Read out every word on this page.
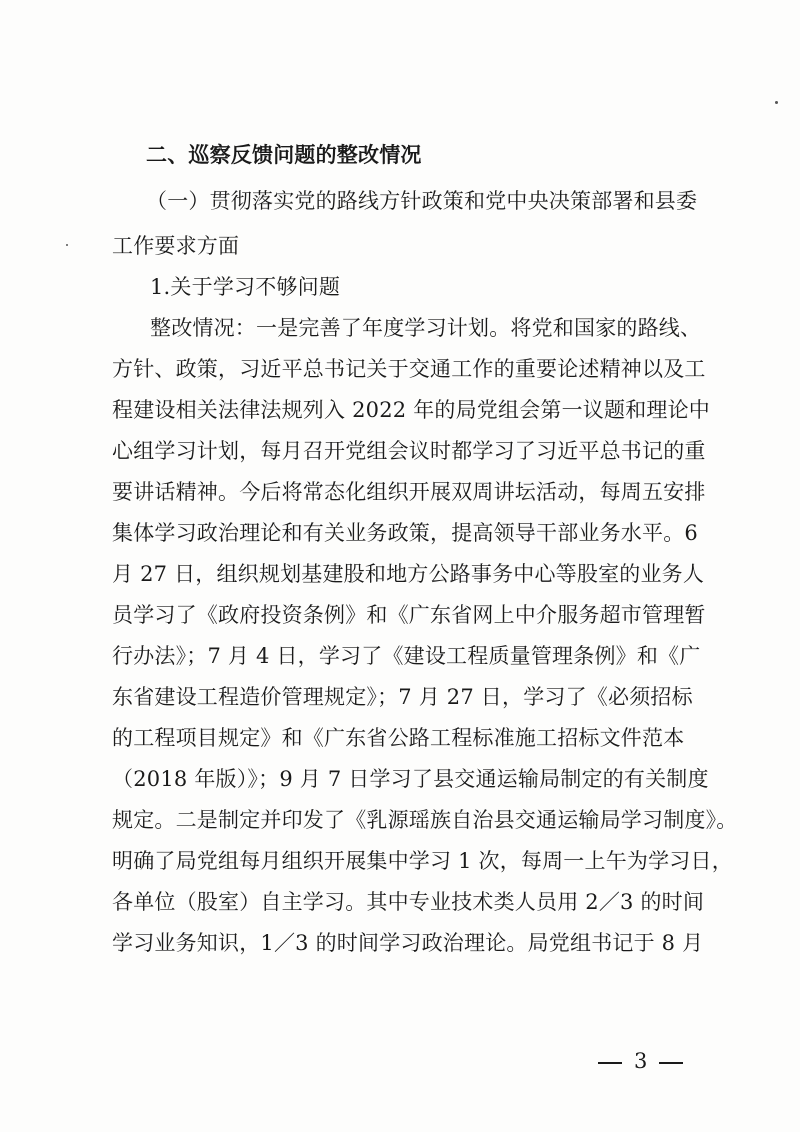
二、巡察反馈问题的整改情况
（一）贯彻落实党的路线方针政策和党中央决策部署和县委
工作要求方面
1.关于学习不够问题
整改情况：一是完善了年度学习计划。将党和国家的路线、
方针、政策，习近平总书记关于交通工作的重要论述精神以及工
程建设相关法律法规列入 2022 年的局党组会第一议题和理论中
心组学习计划，每月召开党组会议时都学习了习近平总书记的重
要讲话精神。今后将常态化组织开展双周讲坛活动，每周五安排
集体学习政治理论和有关业务政策，提高领导干部业务水平。6
月 27 日，组织规划基建股和地方公路事务中心等股室的业务人
员学习了《政府投资条例》和《广东省网上中介服务超市管理暂
行办法》；7 月 4 日，学习了《建设工程质量管理条例》和《广
东省建设工程造价管理规定》；7 月 27 日，学习了《必须招标
的工程项目规定》和《广东省公路工程标准施工招标文件范本
（2018 年版）》；9 月 7 日学习了县交通运输局制定的有关制度
规定。二是制定并印发了《乳源瑶族自治县交通运输局学习制度》。
明确了局党组每月组织开展集中学习 1 次，每周一上午为学习日，
各单位（股室）自主学习。其中专业技术类人员用 2／3 的时间
学习业务知识，1／3 的时间学习政治理论。局党组书记于 8 月
3
